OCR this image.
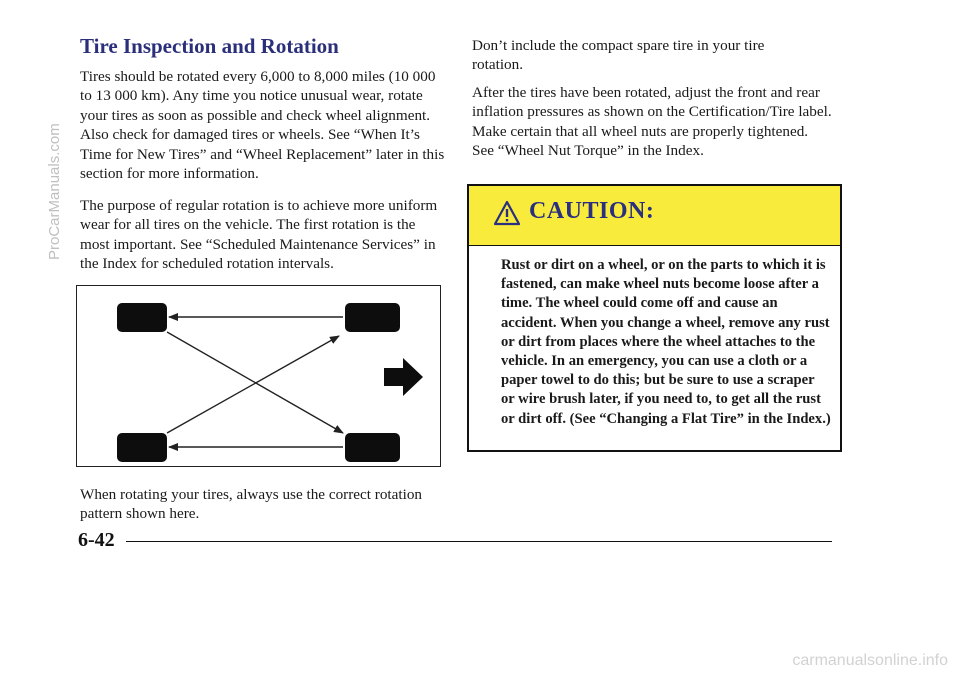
Tire Inspection and Rotation

Tires should be rotated every 6,000 to 8,000 miles (10 000 to 13 000 km). Any time you notice unusual wear, rotate your tires as soon as possible and check wheel alignment. Also check for damaged tires or wheels. See “When It’s Time for New Tires” and “Wheel Replacement” later in this section for more information.

The purpose of regular rotation is to achieve more uniform wear for all tires on the vehicle. The first rotation is the most important. See “Scheduled Maintenance Services” in the Index for scheduled rotation intervals.

When rotating your tires, always use the correct rotation pattern shown here.

Don’t include the compact spare tire in your tire rotation.

After the tires have been rotated, adjust the front and rear inflation pressures as shown on the Certification/Tire label. Make certain that all wheel nuts are properly tightened. See “Wheel Nut Torque” in the Index.

CAUTION:

Rust or dirt on a wheel, or on the parts to which it is fastened, can make wheel nuts become loose after a time. The wheel could come off and cause an accident. When you change a wheel, remove any rust or dirt from places where the wheel attaches to the vehicle. In an emergency, you can use a cloth or a paper towel to do this; but be sure to use a scraper or wire brush later, if you need to, to get all the rust or dirt off. (See “Changing a Flat Tire” in the Index.)

6-42
ProCarManuals.com
carmanualsonline.info
